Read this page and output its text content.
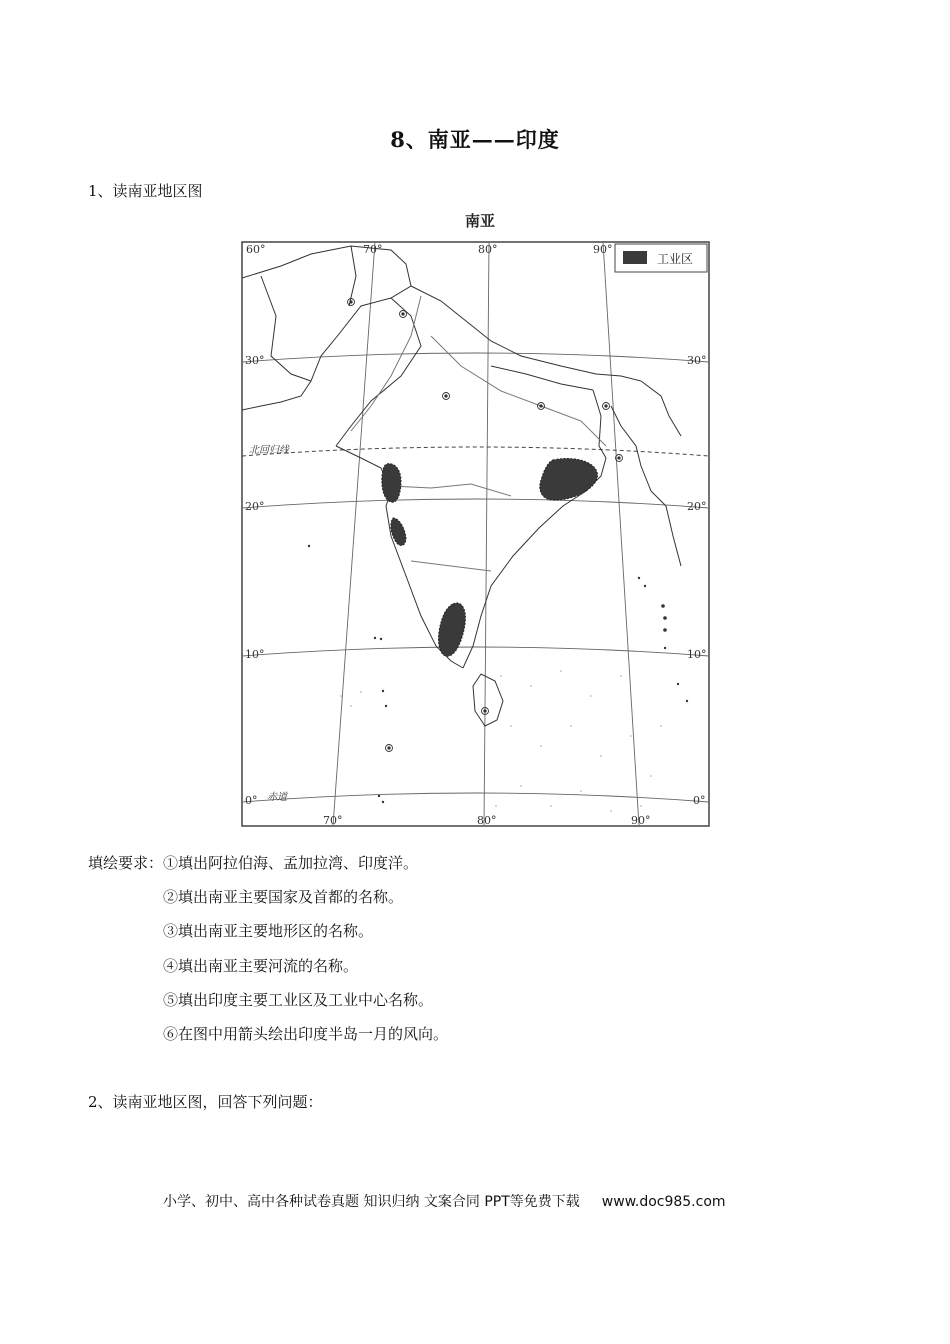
8、南亚——印度
1、读南亚地区图
南亚
30°
20°
10°
0°
30°
20°
10°
0°
60°	70°	80°	90°
70°	80°	90°
北回归线
赤道
工业区
填绘要求：①填出阿拉伯海、孟加拉湾、印度洋。
②填出南亚主要国家及首都的名称。
③填出南亚主要地形区的名称。
④填出南亚主要河流的名称。
⑤填出印度主要工业区及工业中心名称。
⑥在图中用箭头绘出印度半岛一月的风向。
2、读南亚地区图，回答下列问题：
小学、初中、高中各种试卷真题 知识归纳 文案合同 PPT等免费下载 www.doc985.com
